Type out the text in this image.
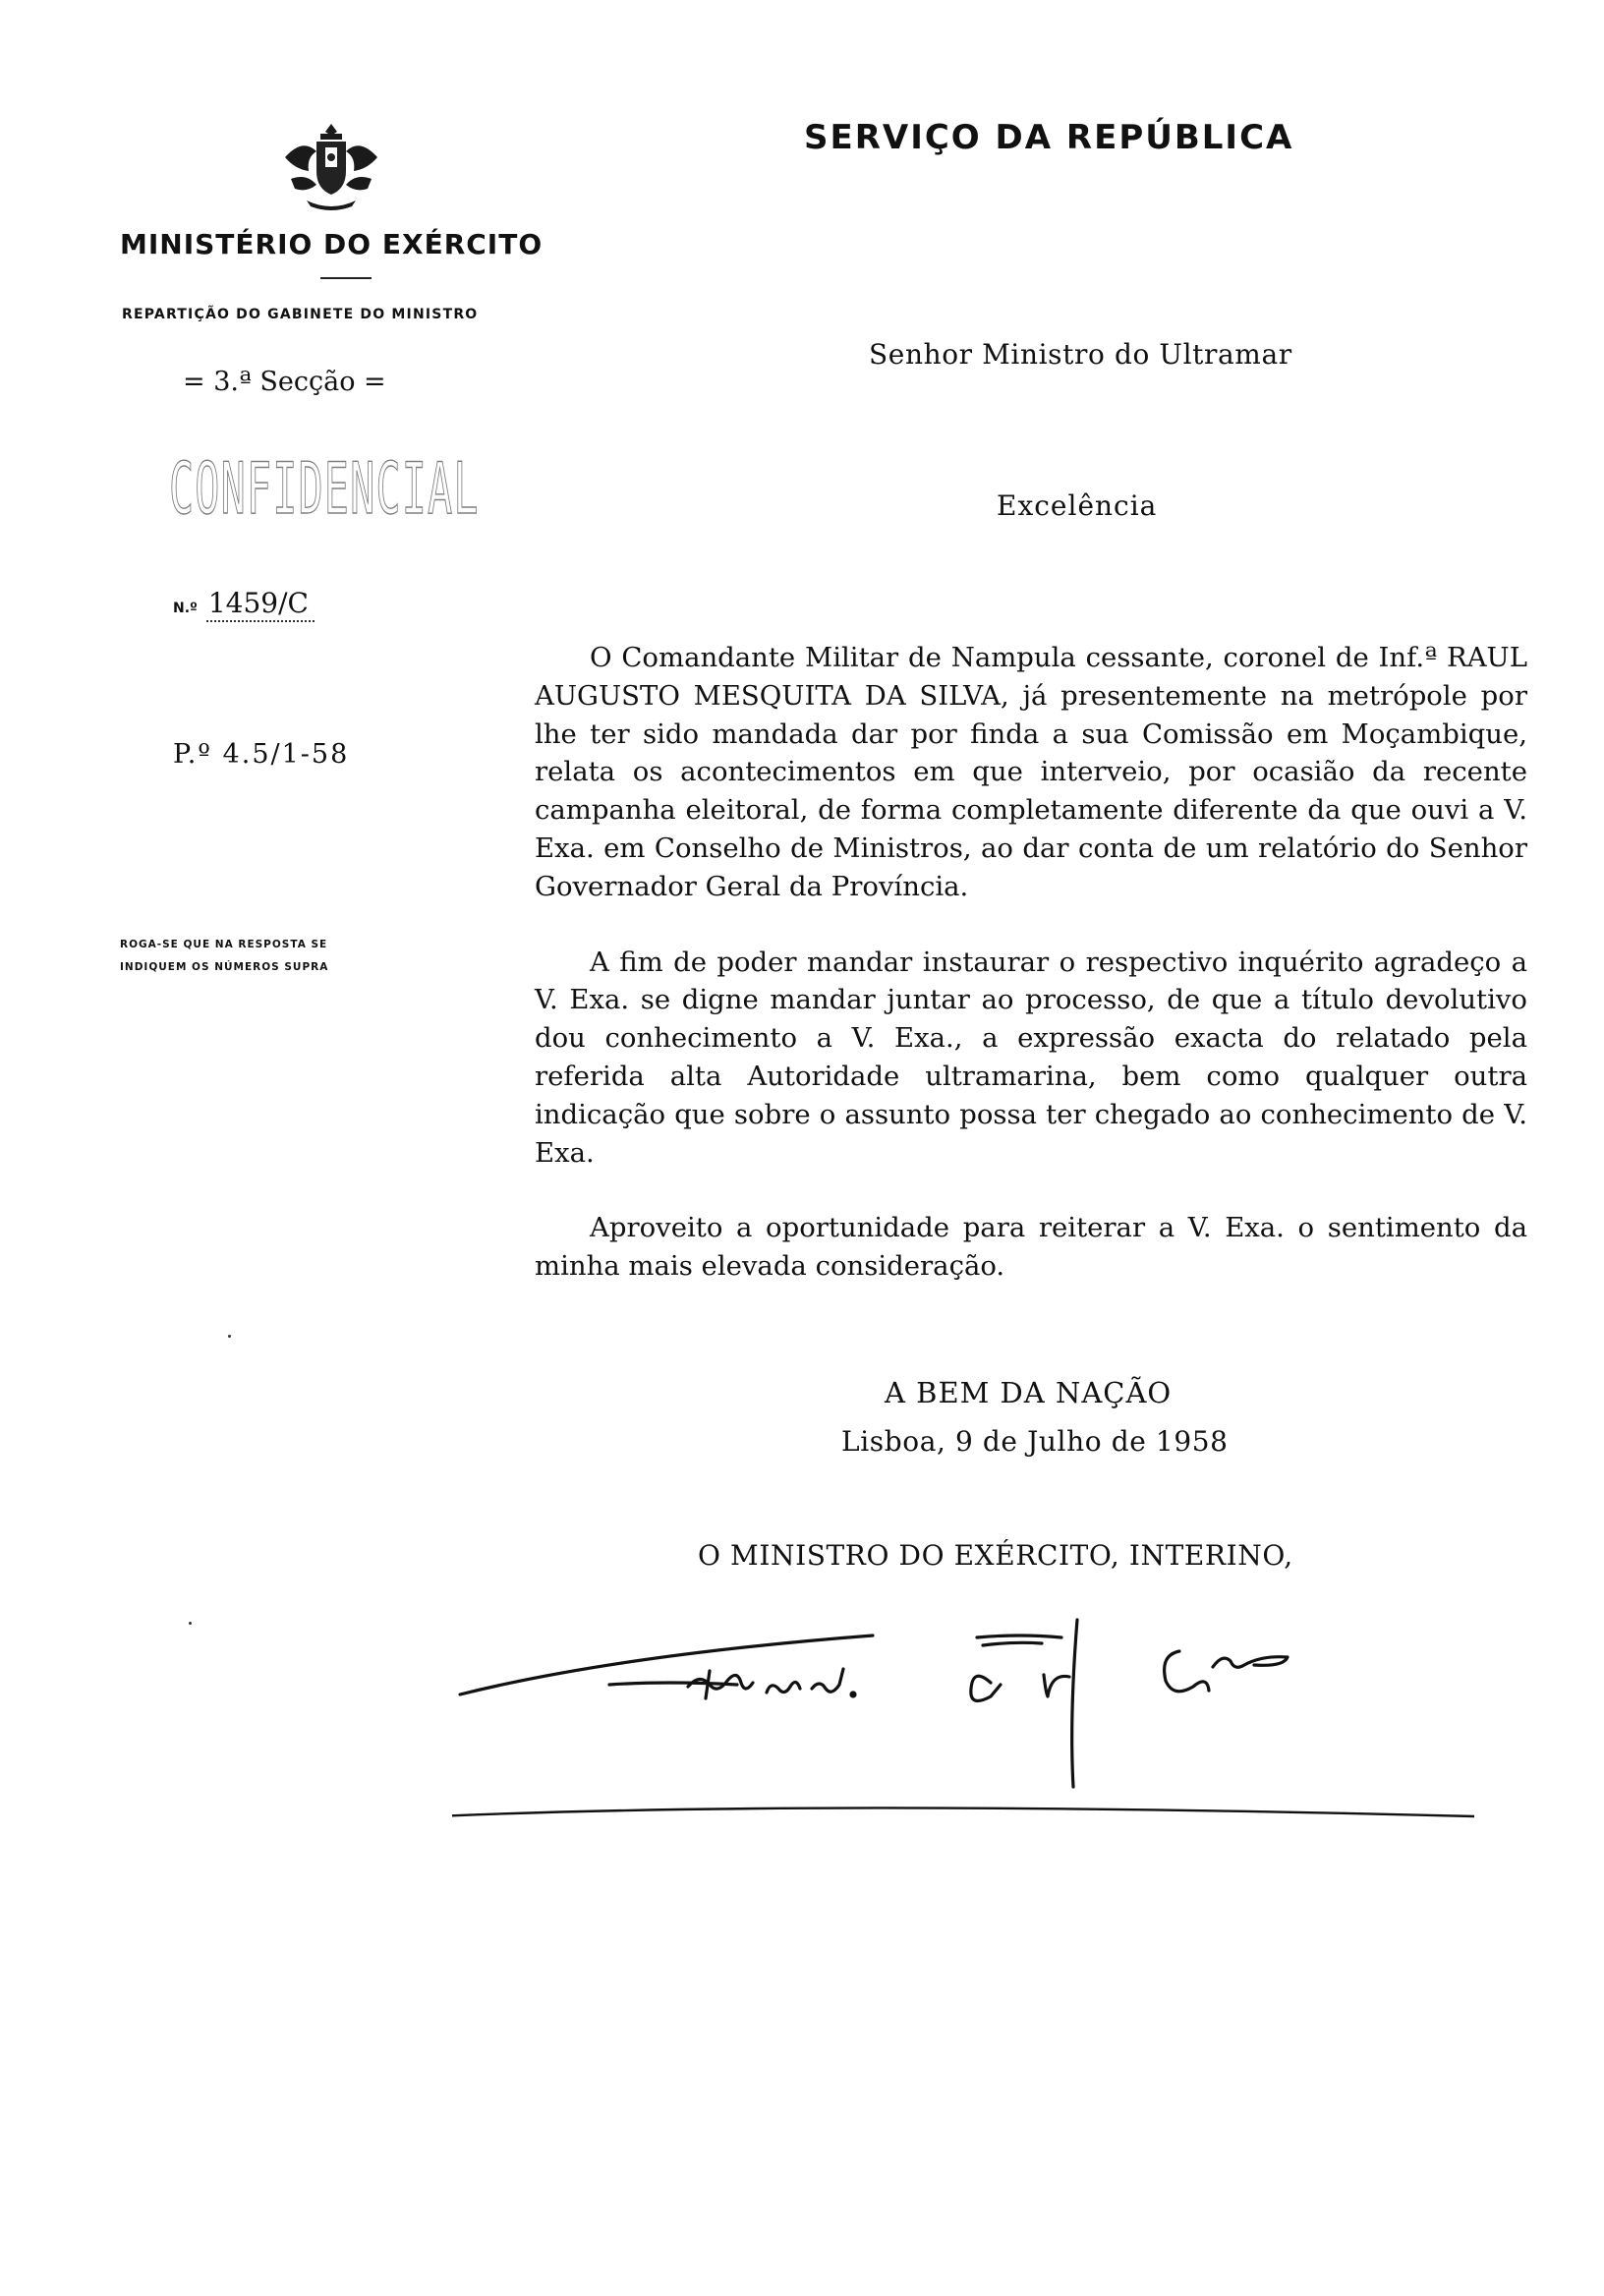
MINISTÉRIO DO EXÉRCITO
REPARTIÇÃO DO GABINETE DO MINISTRO
= 3.ª Secção =
CONFIDENCIAL
N.º 1459/C
P.º 4.5/1-58
ROGA-SE QUE NA RESPOSTA SE
INDIQUEM OS NÚMEROS SUPRA
SERVIÇO DA REPÚBLICA
Senhor Ministro do Ultramar
Excelência

O Comandante Militar de Nampula cessante, coronel de Inf.ª RAUL AUGUSTO MESQUITA DA SILVA, já presentemente na metrópole por lhe ter sido mandada dar por finda a sua Comissão em Moçambique, relata os acontecimentos em que interveio, por ocasião da recente campanha eleitoral, de forma completamente diferente da que ouvi a V. Exa. em Conselho de Ministros, ao dar conta de um relatório do Senhor Governador Geral da Província.

A fim de poder mandar instaurar o respectivo inquérito agradeço a V. Exa. se digne mandar juntar ao processo, de que a título devolutivo dou conhecimento a V. Exa., a expressão exacta do relatado pela referida alta Autoridade ultramarina, bem como qualquer outra indicação que sobre o assunto possa ter chegado ao conhecimento de V. Exa.

Aproveito a oportunidade para reiterar a V. Exa. o sentimento da minha mais elevada consideração.

A BEM DA NAÇÃO
Lisboa, 9 de Julho de 1958
O MINISTRO DO EXÉRCITO, INTERINO,
